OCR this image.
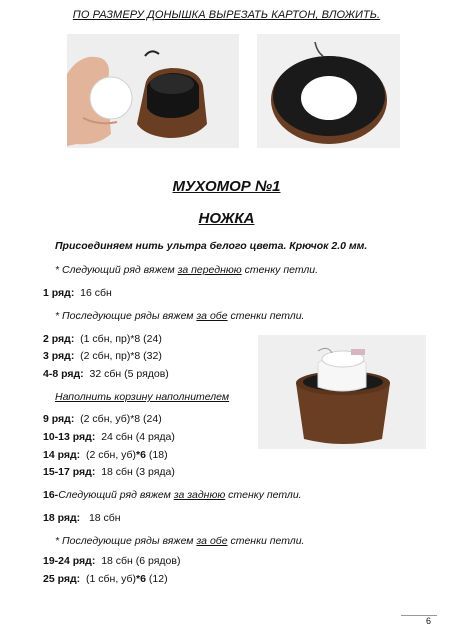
ПО РАЗМЕРУ ДОНЫШКА ВЫРЕЗАТЬ КАРТОН, ВЛОЖИТЬ.
МУХОМОР №1
НОЖКА
Присоединяем нить ультра белого цвета. Крючок 2.0 мм.
* Следующий ряд вяжем за переднюю стенку петли.
1 ряд: 16 сбн
* Последующие ряды вяжем за обе стенки петли.
2 ряд: (1 сбн, пр)*8 (24)
3 ряд: (2 сбн, пр)*8 (32)
4-8 ряд: 32 сбн (5 рядов)
Наполнить корзину наполнителем
9 ряд: (2 сбн, уб)*8 (24)
10-13 ряд: 24 сбн (4 ряда)
14 ряд: (2 сбн, уб)*6 (18)
15-17 ряд: 18 сбн (3 ряда)
16-Следующий ряд вяжем за заднюю стенку петли.
18 ряд: 18 сбн
* Последующие ряды вяжем за обе стенки петли.
19-24 ряд: 18 сбн (6 рядов)
25 ряд: (1 сбн, уб)*6 (12)
6
